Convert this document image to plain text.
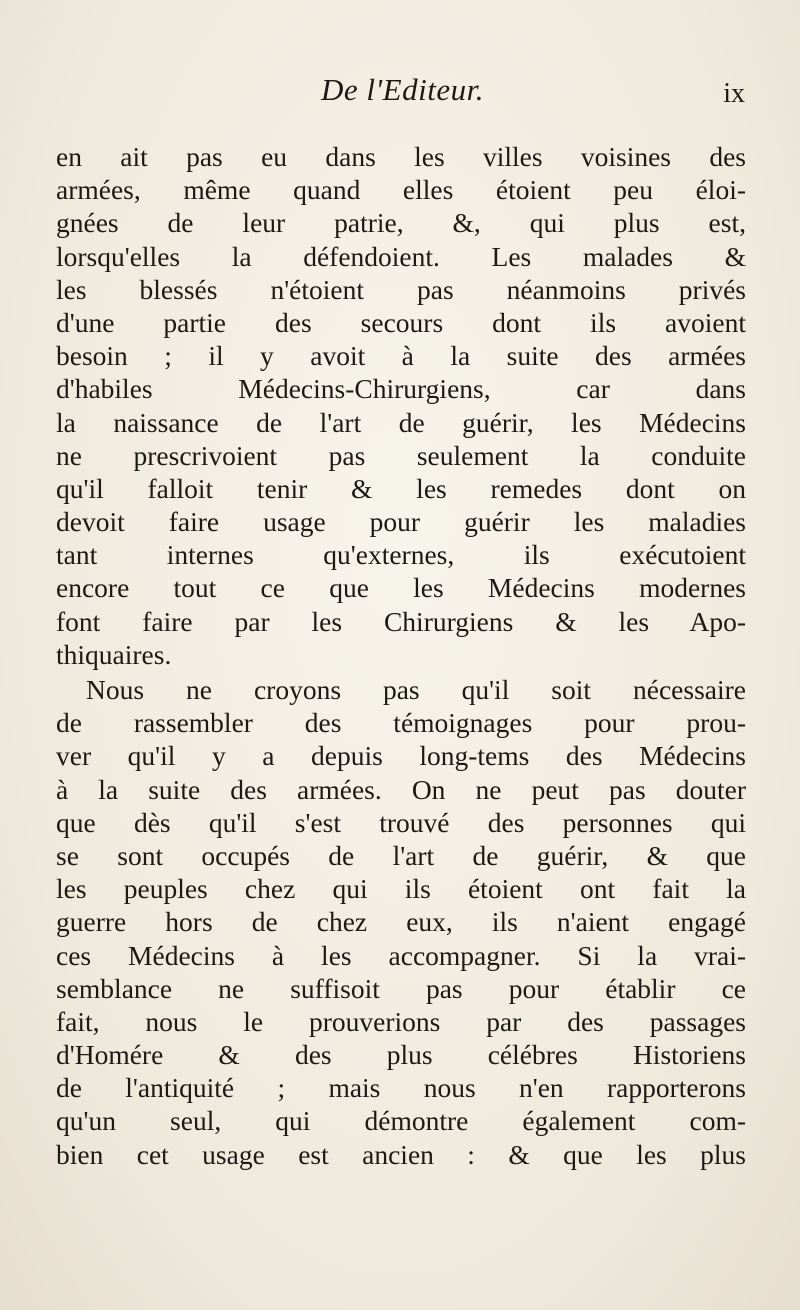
De l'Editeur.	ix
en ait pas eu dans les villes voisines des
armées, même quand elles étoient peu éloi-
gnées de leur patrie, &, qui plus est,
lorsqu'elles la défendoient. Les malades &
les blessés n'étoient pas néanmoins privés
d'une partie des secours dont ils avoient
besoin ; il y avoit à la suite des armées
d'habiles Médecins-Chirurgiens, car dans
la naissance de l'art de guérir, les Médecins
ne prescrivoient pas seulement la conduite
qu'il falloit tenir & les remedes dont on
devoit faire usage pour guérir les maladies
tant internes qu'externes, ils exécutoient
encore tout ce que les Médecins modernes
font faire par les Chirurgiens & les Apo-
thiquaires.
Nous ne croyons pas qu'il soit nécessaire
de rassembler des témoignages pour prou-
ver qu'il y a depuis long-tems des Médecins
à la suite des armées. On ne peut pas douter
que dès qu'il s'est trouvé des personnes qui
se sont occupés de l'art de guérir, & que
les peuples chez qui ils étoient ont fait la
guerre hors de chez eux, ils n'aient engagé
ces Médecins à les accompagner. Si la vrai-
semblance ne suffisoit pas pour établir ce
fait, nous le prouverions par des passages
d'Homére & des plus célébres Historiens
de l'antiquité ; mais nous n'en rapporterons
qu'un seul, qui démontre également com-
bien cet usage est ancien : & que les plus
